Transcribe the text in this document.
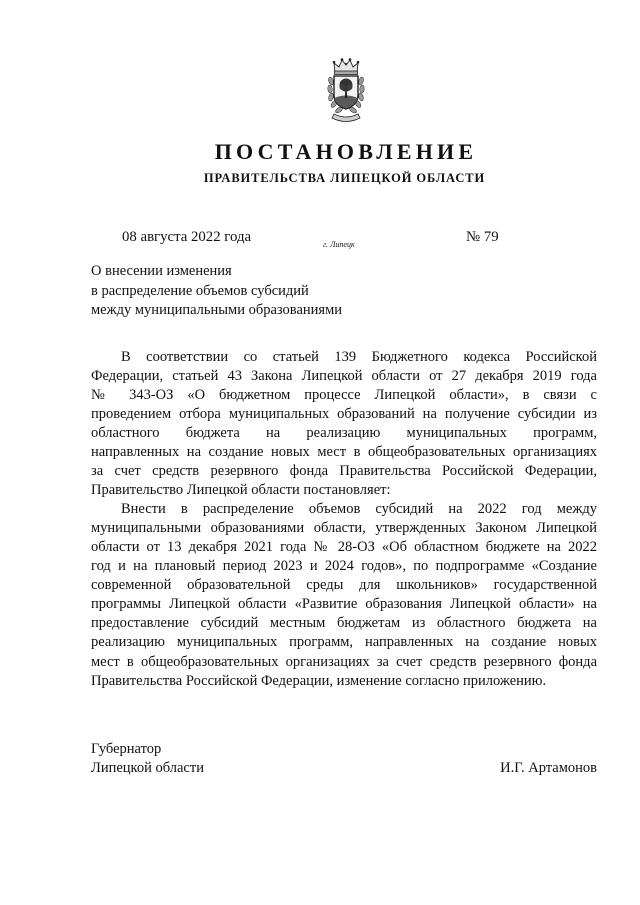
ПОСТАНОВЛЕНИЕ
ПРАВИТЕЛЬСТВА ЛИПЕЦКОЙ ОБЛАСТИ
08 августа 2022 года	г. Липецк	№ 79
О внесении изменения
в распределение объемов субсидий
между муниципальными образованиями
В соответствии со статьей 139 Бюджетного кодекса Российской
Федерации, статьей 43 Закона Липецкой области от 27 декабря 2019 года
№ 343-ОЗ «О бюджетном процессе Липецкой области», в связи с
проведением отбора муниципальных образований на получение субсидии из
областного бюджета на реализацию муниципальных программ,
направленных на создание новых мест в общеобразовательных организациях
за счет средств резервного фонда Правительства Российской Федерации,
Правительство Липецкой области постановляет:
Внести в распределение объемов субсидий на 2022 год между
муниципальными образованиями области, утвержденных Законом Липецкой
области от 13 декабря 2021 года № 28-ОЗ «Об областном бюджете на 2022
год и на плановый период 2023 и 2024 годов», по подпрограмме «Создание
современной образовательной среды для школьников» государственной
программы Липецкой области «Развитие образования Липецкой области» на
предоставление субсидий местным бюджетам из областного бюджета на
реализацию муниципальных программ, направленных на создание новых
мест в общеобразовательных организациях за счет средств резервного фонда
Правительства Российской Федерации, изменение согласно приложению.
Губернатор
Липецкой области	И.Г. Артамонов
